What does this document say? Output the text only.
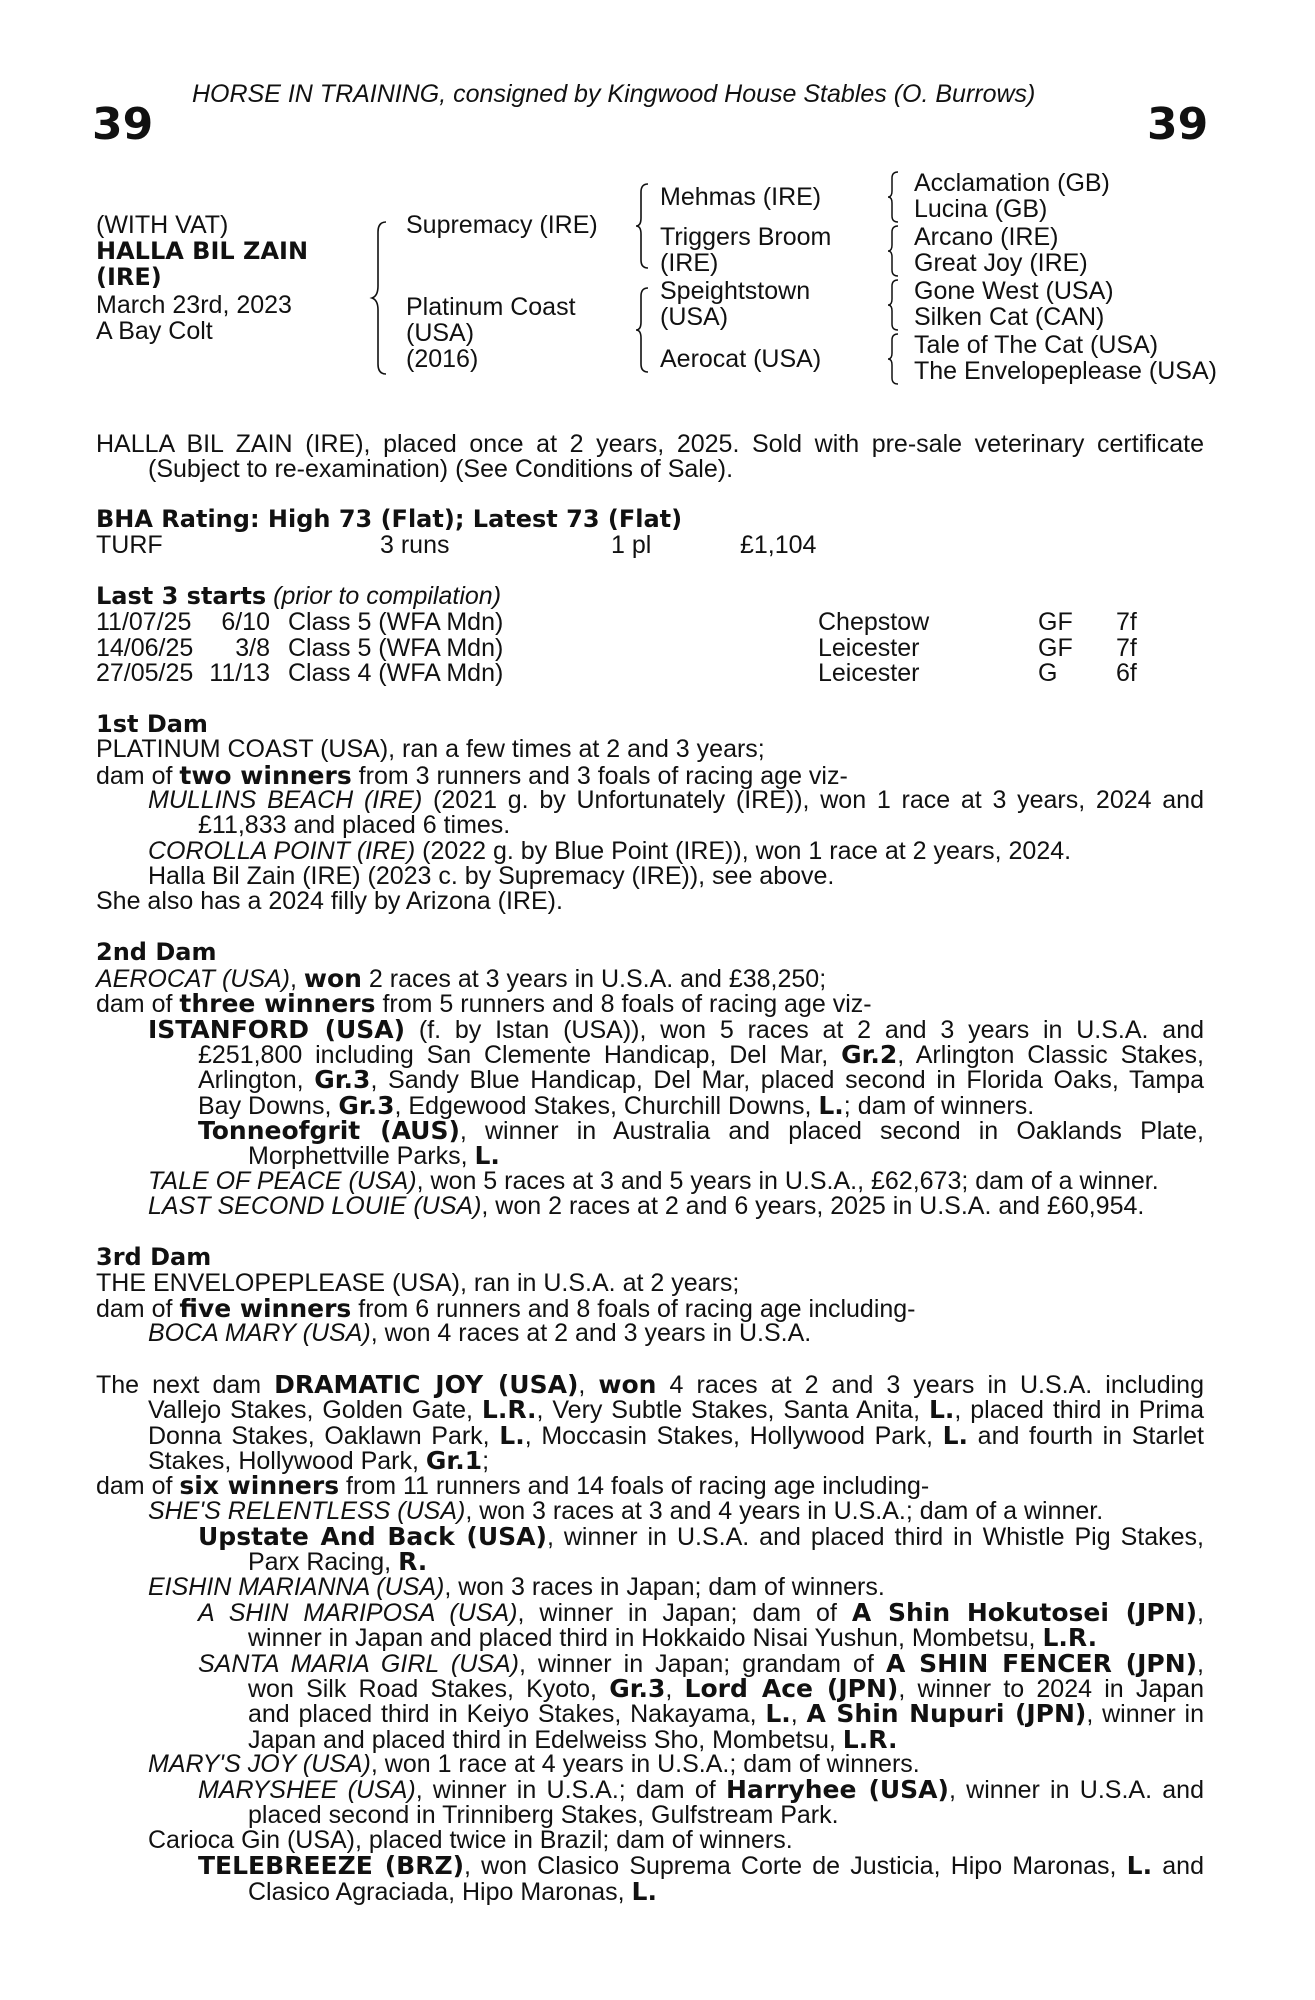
HORSE IN TRAINING, consigned by Kingwood House Stables (O. Burrows)
39	39
(WITH VAT)
HALLA BIL ZAIN
(IRE)
March 23rd, 2023
A Bay Colt
Supremacy (IRE)
Platinum Coast
(USA)
(2016)
Mehmas (IRE)
Triggers Broom
(IRE)
Speightstown
(USA)
Aerocat (USA)
Acclamation (GB)
Lucina (GB)
Arcano (IRE)
Great Joy (IRE)
Gone West (USA)
Silken Cat (CAN)
Tale of The Cat (USA)
The Envelopeplease (USA)
HALLA BIL ZAIN (IRE), placed once at 2 years, 2025. Sold with pre-sale veterinary certificate
(Subject to re-examination) (See Conditions of Sale).
BHA Rating: High 73 (Flat); Latest 73 (Flat)
TURF	3 runs	1 pl	£1,104
Last 3 starts (prior to compilation)
11/07/25	6/10 Class 5 (WFA Mdn)	Chepstow	GF 7f
14/06/25	3/8 Class 5 (WFA Mdn)	Leicester	GF 7f
27/05/25 11/13 Class 4 (WFA Mdn)	Leicester	G 6f
1st Dam
PLATINUM COAST (USA), ran a few times at 2 and 3 years;
dam of two winners from 3 runners and 3 foals of racing age viz-
MULLINS BEACH (IRE) (2021 g. by Unfortunately (IRE)), won 1 race at 3 years, 2024 and
£11,833 and placed 6 times.
COROLLA POINT (IRE) (2022 g. by Blue Point (IRE)), won 1 race at 2 years, 2024.
Halla Bil Zain (IRE) (2023 c. by Supremacy (IRE)), see above.
She also has a 2024 filly by Arizona (IRE).
2nd Dam
AEROCAT (USA), won 2 races at 3 years in U.S.A. and £38,250;
dam of three winners from 5 runners and 8 foals of racing age viz-
ISTANFORD (USA) (f. by Istan (USA)), won 5 races at 2 and 3 years in U.S.A. and
£251,800 including San Clemente Handicap, Del Mar, Gr.2, Arlington Classic Stakes,
Arlington, Gr.3, Sandy Blue Handicap, Del Mar, placed second in Florida Oaks, Tampa
Bay Downs, Gr.3, Edgewood Stakes, Churchill Downs, L.; dam of winners.
Tonneofgrit (AUS), winner in Australia and placed second in Oaklands Plate,
Morphettville Parks, L.
TALE OF PEACE (USA), won 5 races at 3 and 5 years in U.S.A., £62,673; dam of a winner.
LAST SECOND LOUIE (USA), won 2 races at 2 and 6 years, 2025 in U.S.A. and £60,954.
3rd Dam
THE ENVELOPEPLEASE (USA), ran in U.S.A. at 2 years;
dam of five winners from 6 runners and 8 foals of racing age including-
BOCA MARY (USA), won 4 races at 2 and 3 years in U.S.A.
The next dam DRAMATIC JOY (USA), won 4 races at 2 and 3 years in U.S.A. including
Vallejo Stakes, Golden Gate, L.R., Very Subtle Stakes, Santa Anita, L., placed third in Prima
Donna Stakes, Oaklawn Park, L., Moccasin Stakes, Hollywood Park, L. and fourth in Starlet
Stakes, Hollywood Park, Gr.1;
dam of six winners from 11 runners and 14 foals of racing age including-
SHE'S RELENTLESS (USA), won 3 races at 3 and 4 years in U.S.A.; dam of a winner.
Upstate And Back (USA), winner in U.S.A. and placed third in Whistle Pig Stakes,
Parx Racing, R.
EISHIN MARIANNA (USA), won 3 races in Japan; dam of winners.
A SHIN MARIPOSA (USA), winner in Japan; dam of A Shin Hokutosei (JPN),
winner in Japan and placed third in Hokkaido Nisai Yushun, Mombetsu, L.R.
SANTA MARIA GIRL (USA), winner in Japan; grandam of A SHIN FENCER (JPN),
won Silk Road Stakes, Kyoto, Gr.3, Lord Ace (JPN), winner to 2024 in Japan
and placed third in Keiyo Stakes, Nakayama, L., A Shin Nupuri (JPN), winner in
Japan and placed third in Edelweiss Sho, Mombetsu, L.R.
MARY'S JOY (USA), won 1 race at 4 years in U.S.A.; dam of winners.
MARYSHEE (USA), winner in U.S.A.; dam of Harryhee (USA), winner in U.S.A. and
placed second in Trinniberg Stakes, Gulfstream Park.
Carioca Gin (USA), placed twice in Brazil; dam of winners.
TELEBREEZE (BRZ), won Clasico Suprema Corte de Justicia, Hipo Maronas, L. and
Clasico Agraciada, Hipo Maronas, L.
